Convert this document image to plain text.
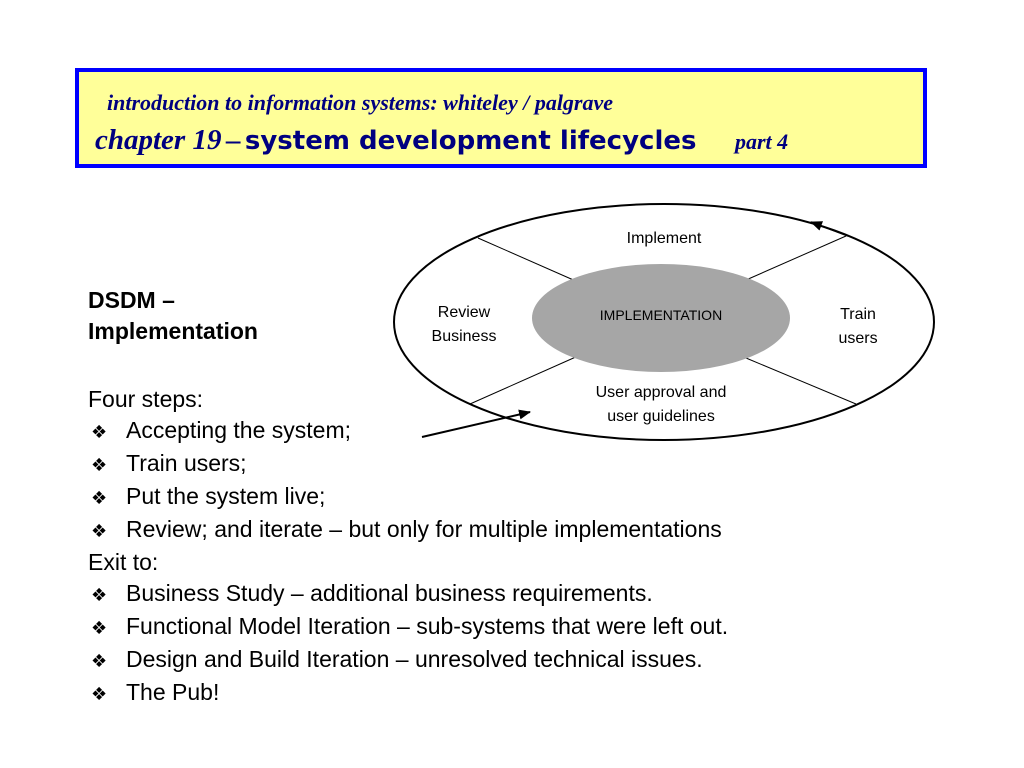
introduction to information systems: whiteley / palgrave
chapter 19 – system development lifecycles part 4
DSDM –
Implementation
Four steps:
❖ Accepting the system;
❖ Train users;
❖ Put the system live;
❖ Review; and iterate – but only for multiple implementations
Exit to:
❖ Business Study – additional business requirements.
❖ Functional Model Iteration – sub-systems that were left out.
❖ Design and Build Iteration – unresolved technical issues.
❖ The Pub!
IMPLEMENTATION
Implement
Review
Business
Train
users
User approval and
user guidelines
